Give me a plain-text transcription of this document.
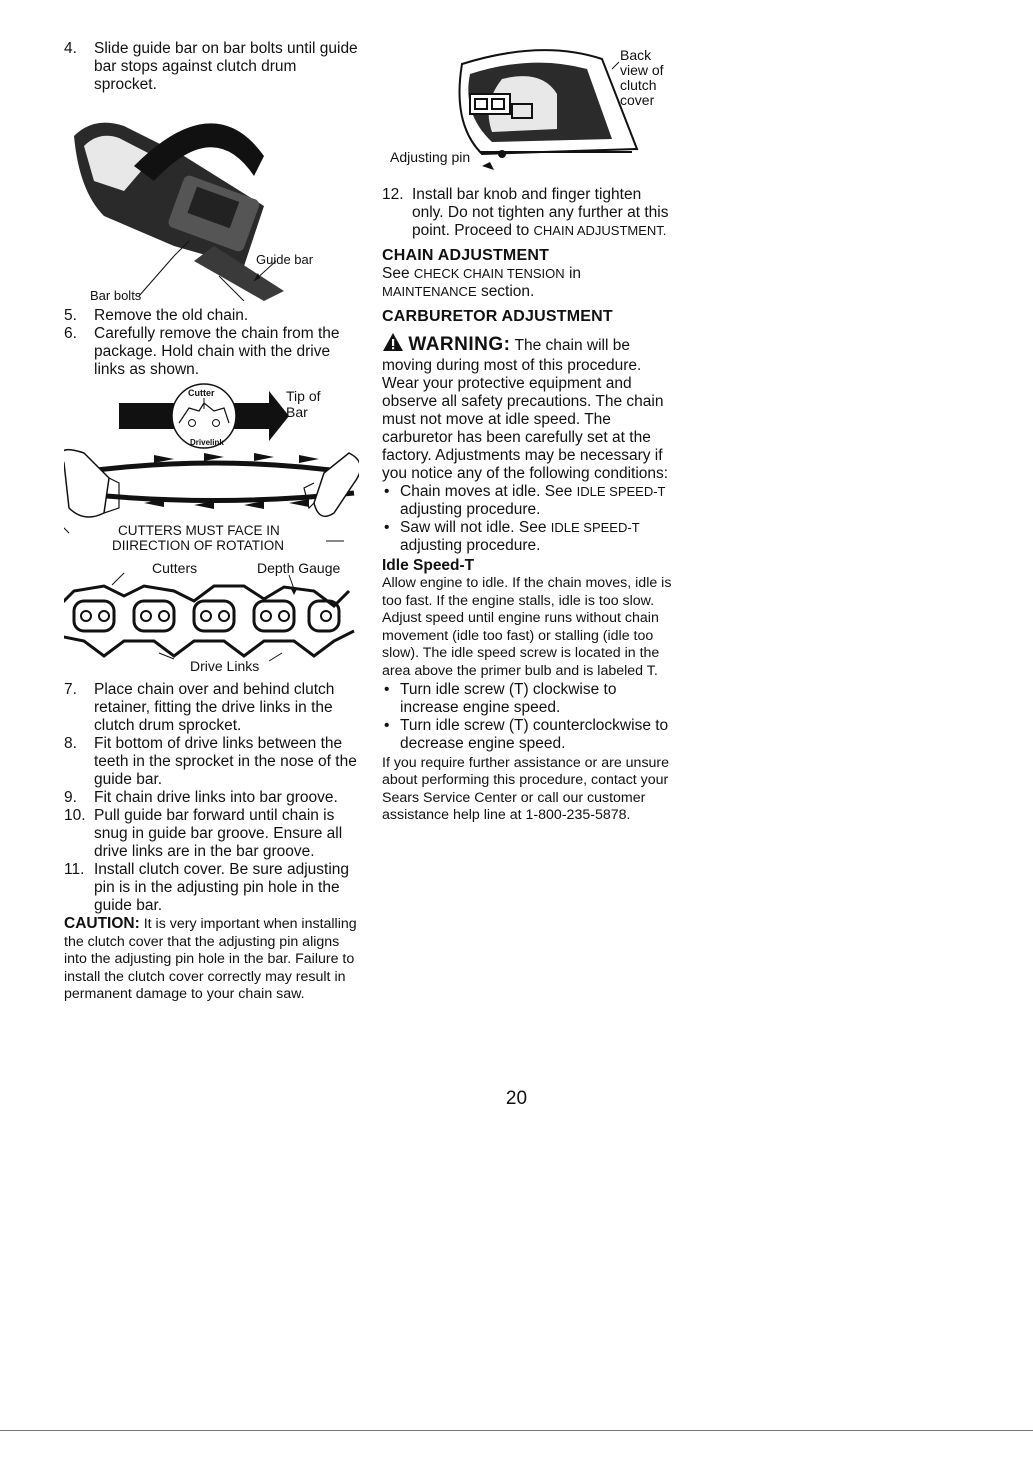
4. Slide guide bar on bar bolts until guide bar stops against clutch drum sprocket.

Guide bar
Bar bolts

5. Remove the old chain.

6. Carefully remove the chain from the package. Hold chain with the drive links as shown.

Cutter
Drivelink
Tip of
Bar
CUTTERS MUST FACE IN
DIIRECTION OF ROTATION
Cutters	Depth Gauge
Drive Links

7. Place chain over and behind clutch retainer, fitting the drive links in the clutch drum sprocket.

8. Fit bottom of drive links between the teeth in the sprocket in the nose of the guide bar.

9. Fit chain drive links into bar groove.

10. Pull guide bar forward until chain is snug in guide bar groove. Ensure all drive links are in the bar groove.

11. Install clutch cover. Be sure adjusting pin is in the adjusting pin hole in the guide bar.

CAUTION: It is very important when installing the clutch cover that the adjusting pin aligns into the adjusting pin hole in the bar. Failure to install the clutch cover correctly may result in permanent damage to your chain saw.

Back
view of
clutch
cover
Adjusting pin

12. Install bar knob and finger tighten only. Do not tighten any further at this point. Proceed to CHAIN ADJUSTMENT.

CHAIN ADJUSTMENT

See CHECK CHAIN TENSION in MAINTENANCE section.

CARBURETOR ADJUSTMENT

WARNING: The chain will be

moving during most of this procedure. Wear your protective equipment and observe all safety precautions. The chain must not move at idle speed. The carburetor has been carefully set at the factory. Adjustments may be necessary if you notice any of the following conditions:

• Chain moves at idle. See IDLE SPEED-T adjusting procedure.

• Saw will not idle. See IDLE SPEED-T adjusting procedure.

Idle Speed-T

Allow engine to idle. If the chain moves, idle is too fast. If the engine stalls, idle is too slow. Adjust speed until engine runs without chain movement (idle too fast) or stalling (idle too slow). The idle speed screw is located in the area above the primer bulb and is labeled T.

• Turn idle screw (T) clockwise to increase engine speed.

• Turn idle screw (T) counterclockwise to decrease engine speed.

If you require further assistance or are unsure about performing this procedure, contact your Sears Service Center or call our customer assistance help line at 1-800-235-5878.

20
